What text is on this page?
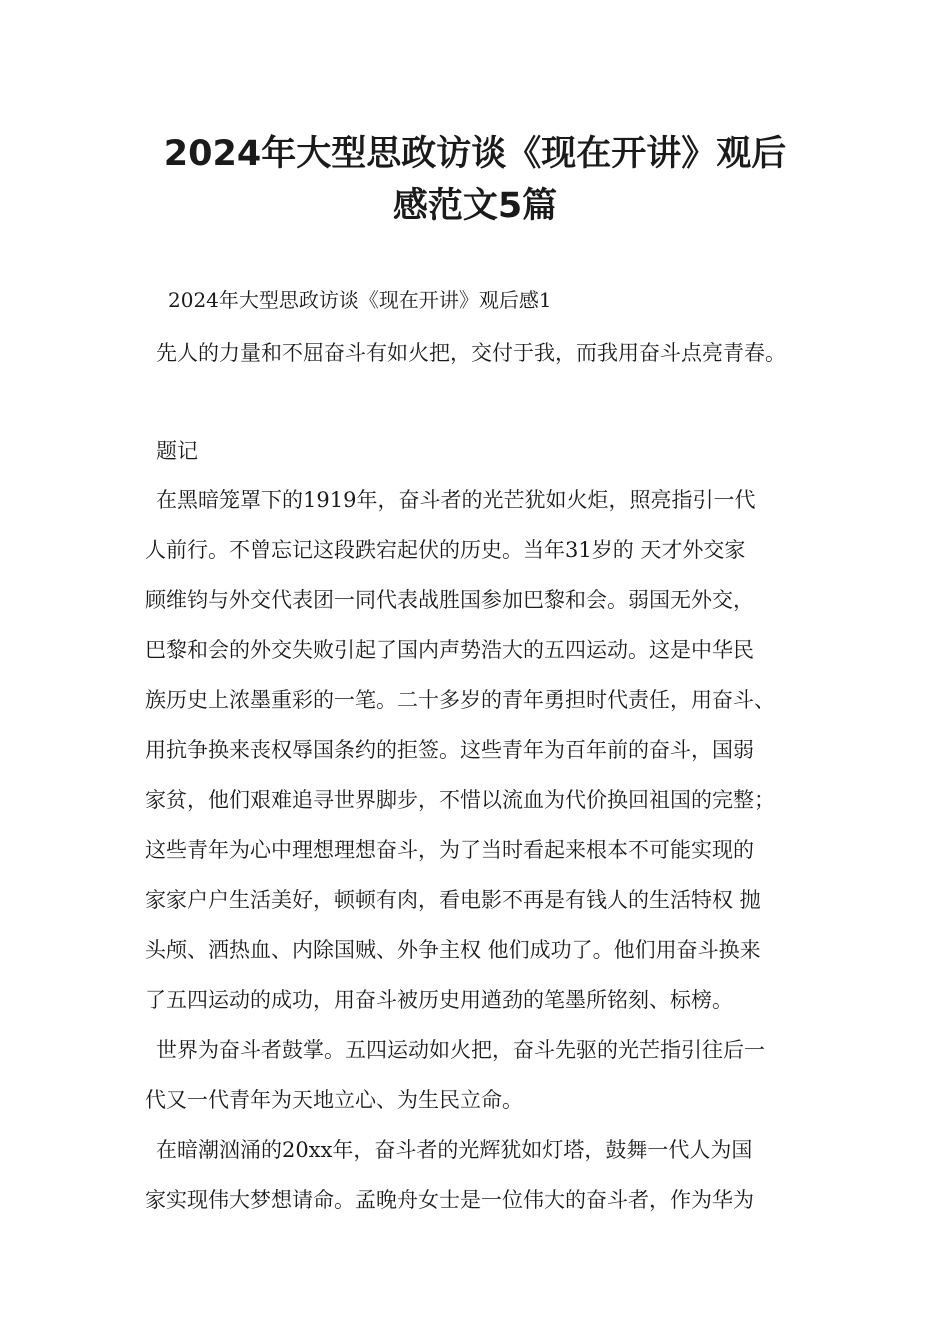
2024年大型思政访谈《现在开讲》观后
感范文5篇

2024年大型思政访谈《现在开讲》观后感1

先人的力量和不屈奋斗有如火把，交付于我，而我用奋斗点亮青春。

题记

在黑暗笼罩下的1919年，奋斗者的光芒犹如火炬，照亮指引一代

人前行。不曾忘记这段跌宕起伏的历史。当年31岁的 天才外交家

顾维钧与外交代表团一同代表战胜国参加巴黎和会。弱国无外交，

巴黎和会的外交失败引起了国内声势浩大的五四运动。这是中华民

族历史上浓墨重彩的一笔。二十多岁的青年勇担时代责任，用奋斗、

用抗争换来丧权辱国条约的拒签。这些青年为百年前的奋斗，国弱

家贫，他们艰难追寻世界脚步，不惜以流血为代价换回祖国的完整；

这些青年为心中理想理想奋斗，为了当时看起来根本不可能实现的

家家户户生活美好，顿顿有肉，看电影不再是有钱人的生活特权 抛

头颅、洒热血、内除国贼、外争主权 他们成功了。他们用奋斗换来

了五四运动的成功，用奋斗被历史用遒劲的笔墨所铭刻、标榜。

世界为奋斗者鼓掌。五四运动如火把，奋斗先驱的光芒指引往后一

代又一代青年为天地立心、为生民立命。

在暗潮汹涌的20xx年，奋斗者的光辉犹如灯塔，鼓舞一代人为国

家实现伟大梦想请命。孟晚舟女士是一位伟大的奋斗者，作为华为
